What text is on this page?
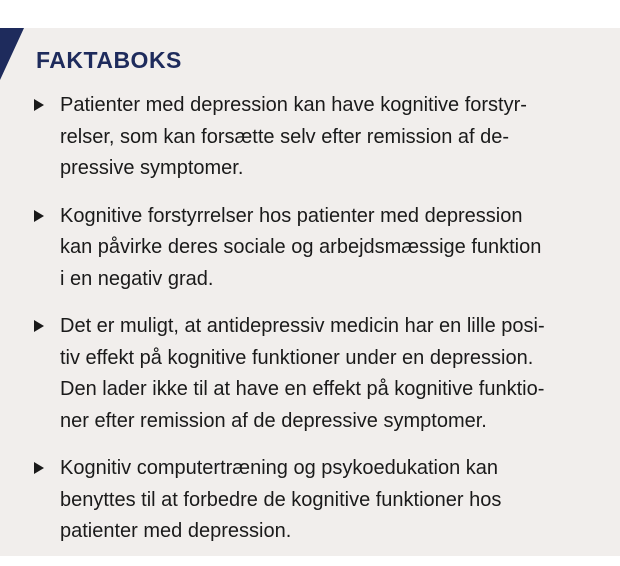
FAKTABOKS
Patienter med depression kan have kognitive forstyr-
relser, som kan forsætte selv efter remission af de-
pressive symptomer.
Kognitive forstyrrelser hos patienter med depression
kan påvirke deres sociale og arbejdsmæssige funktion
i en negativ grad.
Det er muligt, at antidepressiv medicin har en lille posi-
tiv effekt på kognitive funktioner under en depression.
Den lader ikke til at have en effekt på kognitive funktio-
ner efter remission af de depressive symptomer.
Kognitiv computertræning og psykoedukation kan
benyttes til at forbedre de kognitive funktioner hos
patienter med depression.
